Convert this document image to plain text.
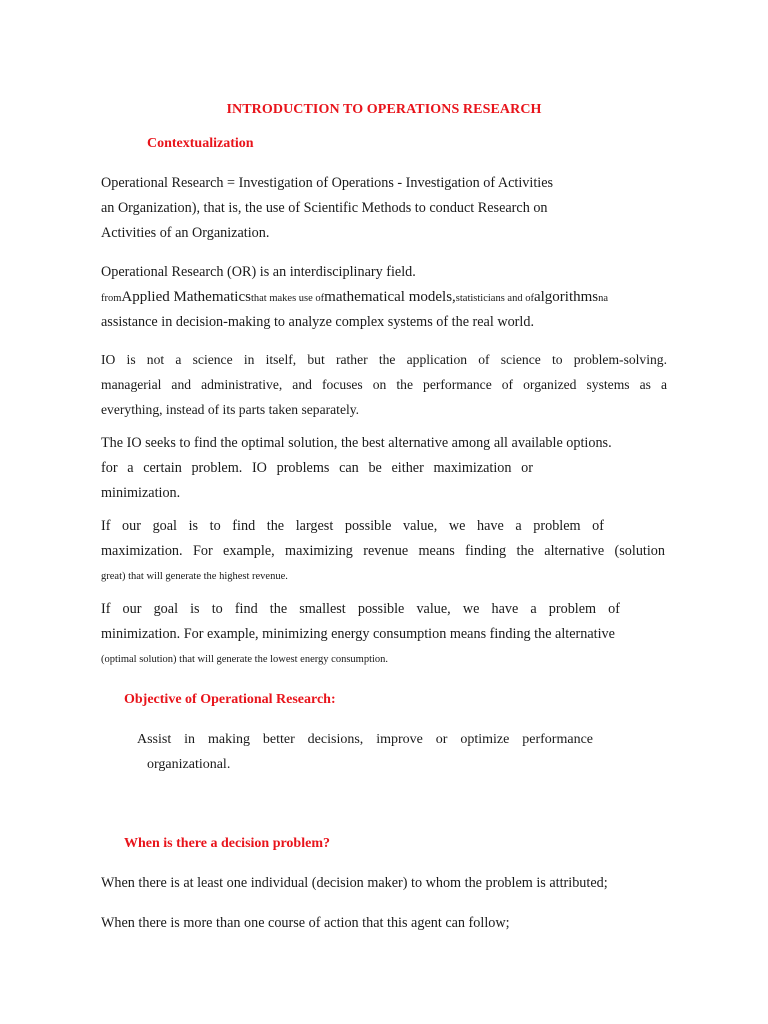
INTRODUCTION TO OPERATIONS RESEARCH
Contextualization
Operational Research = Investigation of Operations - Investigation of Activities
an Organization), that is, the use of Scientific Methods to conduct Research on
Activities of an Organization.
Operational Research (OR) is an interdisciplinary field.
fromApplied Mathematicsthat makes use ofmathematical models,statisticians and ofalgorithmsna
assistance in decision-making to analyze complex systems of the real world.
IO is not a science in itself, but rather the application of science to problem-solving.
managerial and administrative, and focuses on the performance of organized systems as a
everything, instead of its parts taken separately.
The IO seeks to find the optimal solution, the best alternative among all available options.
for a certain problem. IO problems can be either maximization or
minimization.
If our goal is to find the largest possible value, we have a problem of
maximization. For example, maximizing revenue means finding the alternative (solution
great) that will generate the highest revenue.
If our goal is to find the smallest possible value, we have a problem of
minimization. For example, minimizing energy consumption means finding the alternative
(optimal solution) that will generate the lowest energy consumption.
Objective of Operational Research:
Assist in making better decisions, improve or optimize performance
organizational.
When is there a decision problem?
When there is at least one individual (decision maker) to whom the problem is attributed;
When there is more than one course of action that this agent can follow;
